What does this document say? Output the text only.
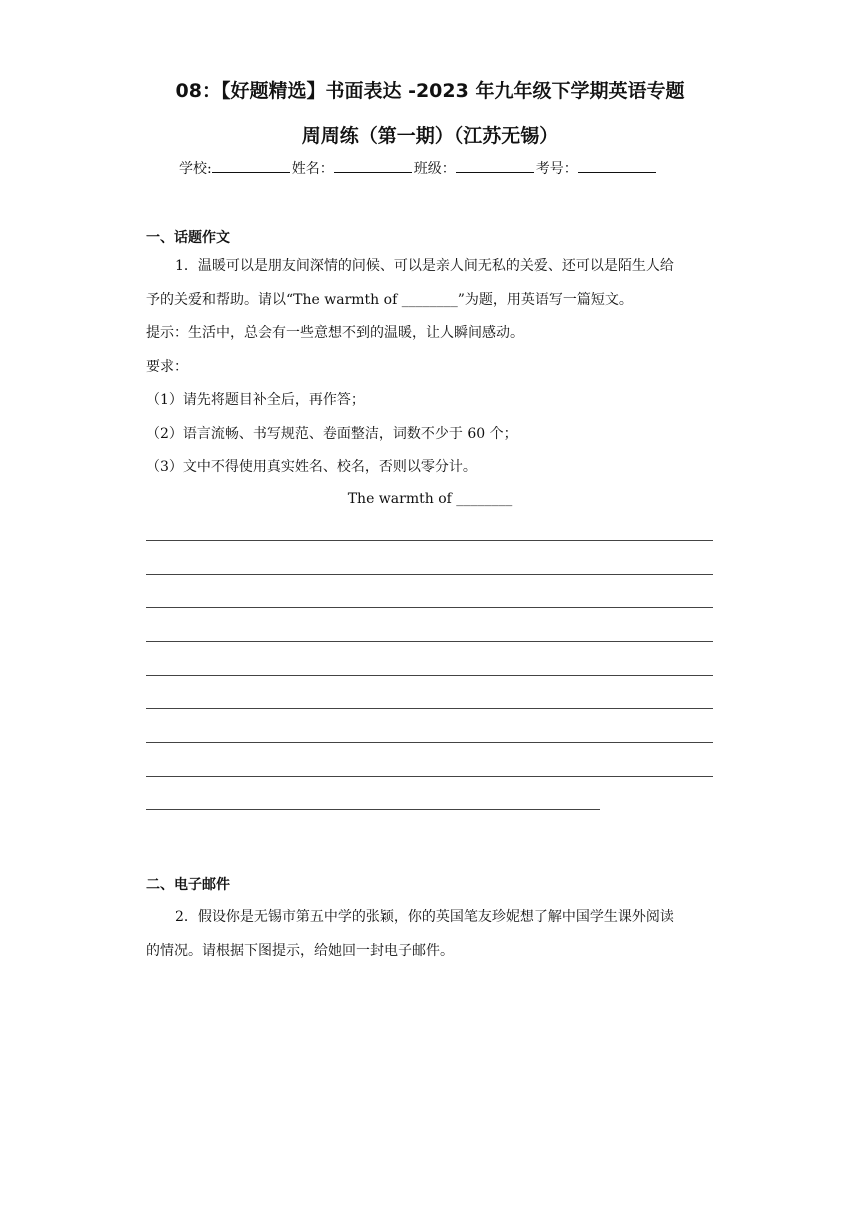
08：【好题精选】书面表达 -2023 年九年级下学期英语专题
周周练（第一期）（江苏无锡）
学校:	姓名：	班级：	考号：
一、话题作文
1．温暖可以是朋友间深情的问候、可以是亲人间无私的关爱、还可以是陌生人给
予的关爱和帮助。请以“The warmth of ________”为题，用英语写一篇短文。
提示：生活中，总会有一些意想不到的温暖，让人瞬间感动。
要求：
（1）请先将题目补全后，再作答；
（2）语言流畅、书写规范、卷面整洁，词数不少于 60 个；
（3）文中不得使用真实姓名、校名，否则以零分计。
The warmth of ________
二、电子邮件
2．假设你是无锡市第五中学的张颖，你的英国笔友珍妮想了解中国学生课外阅读
的情况。请根据下图提示，给她回一封电子邮件。
